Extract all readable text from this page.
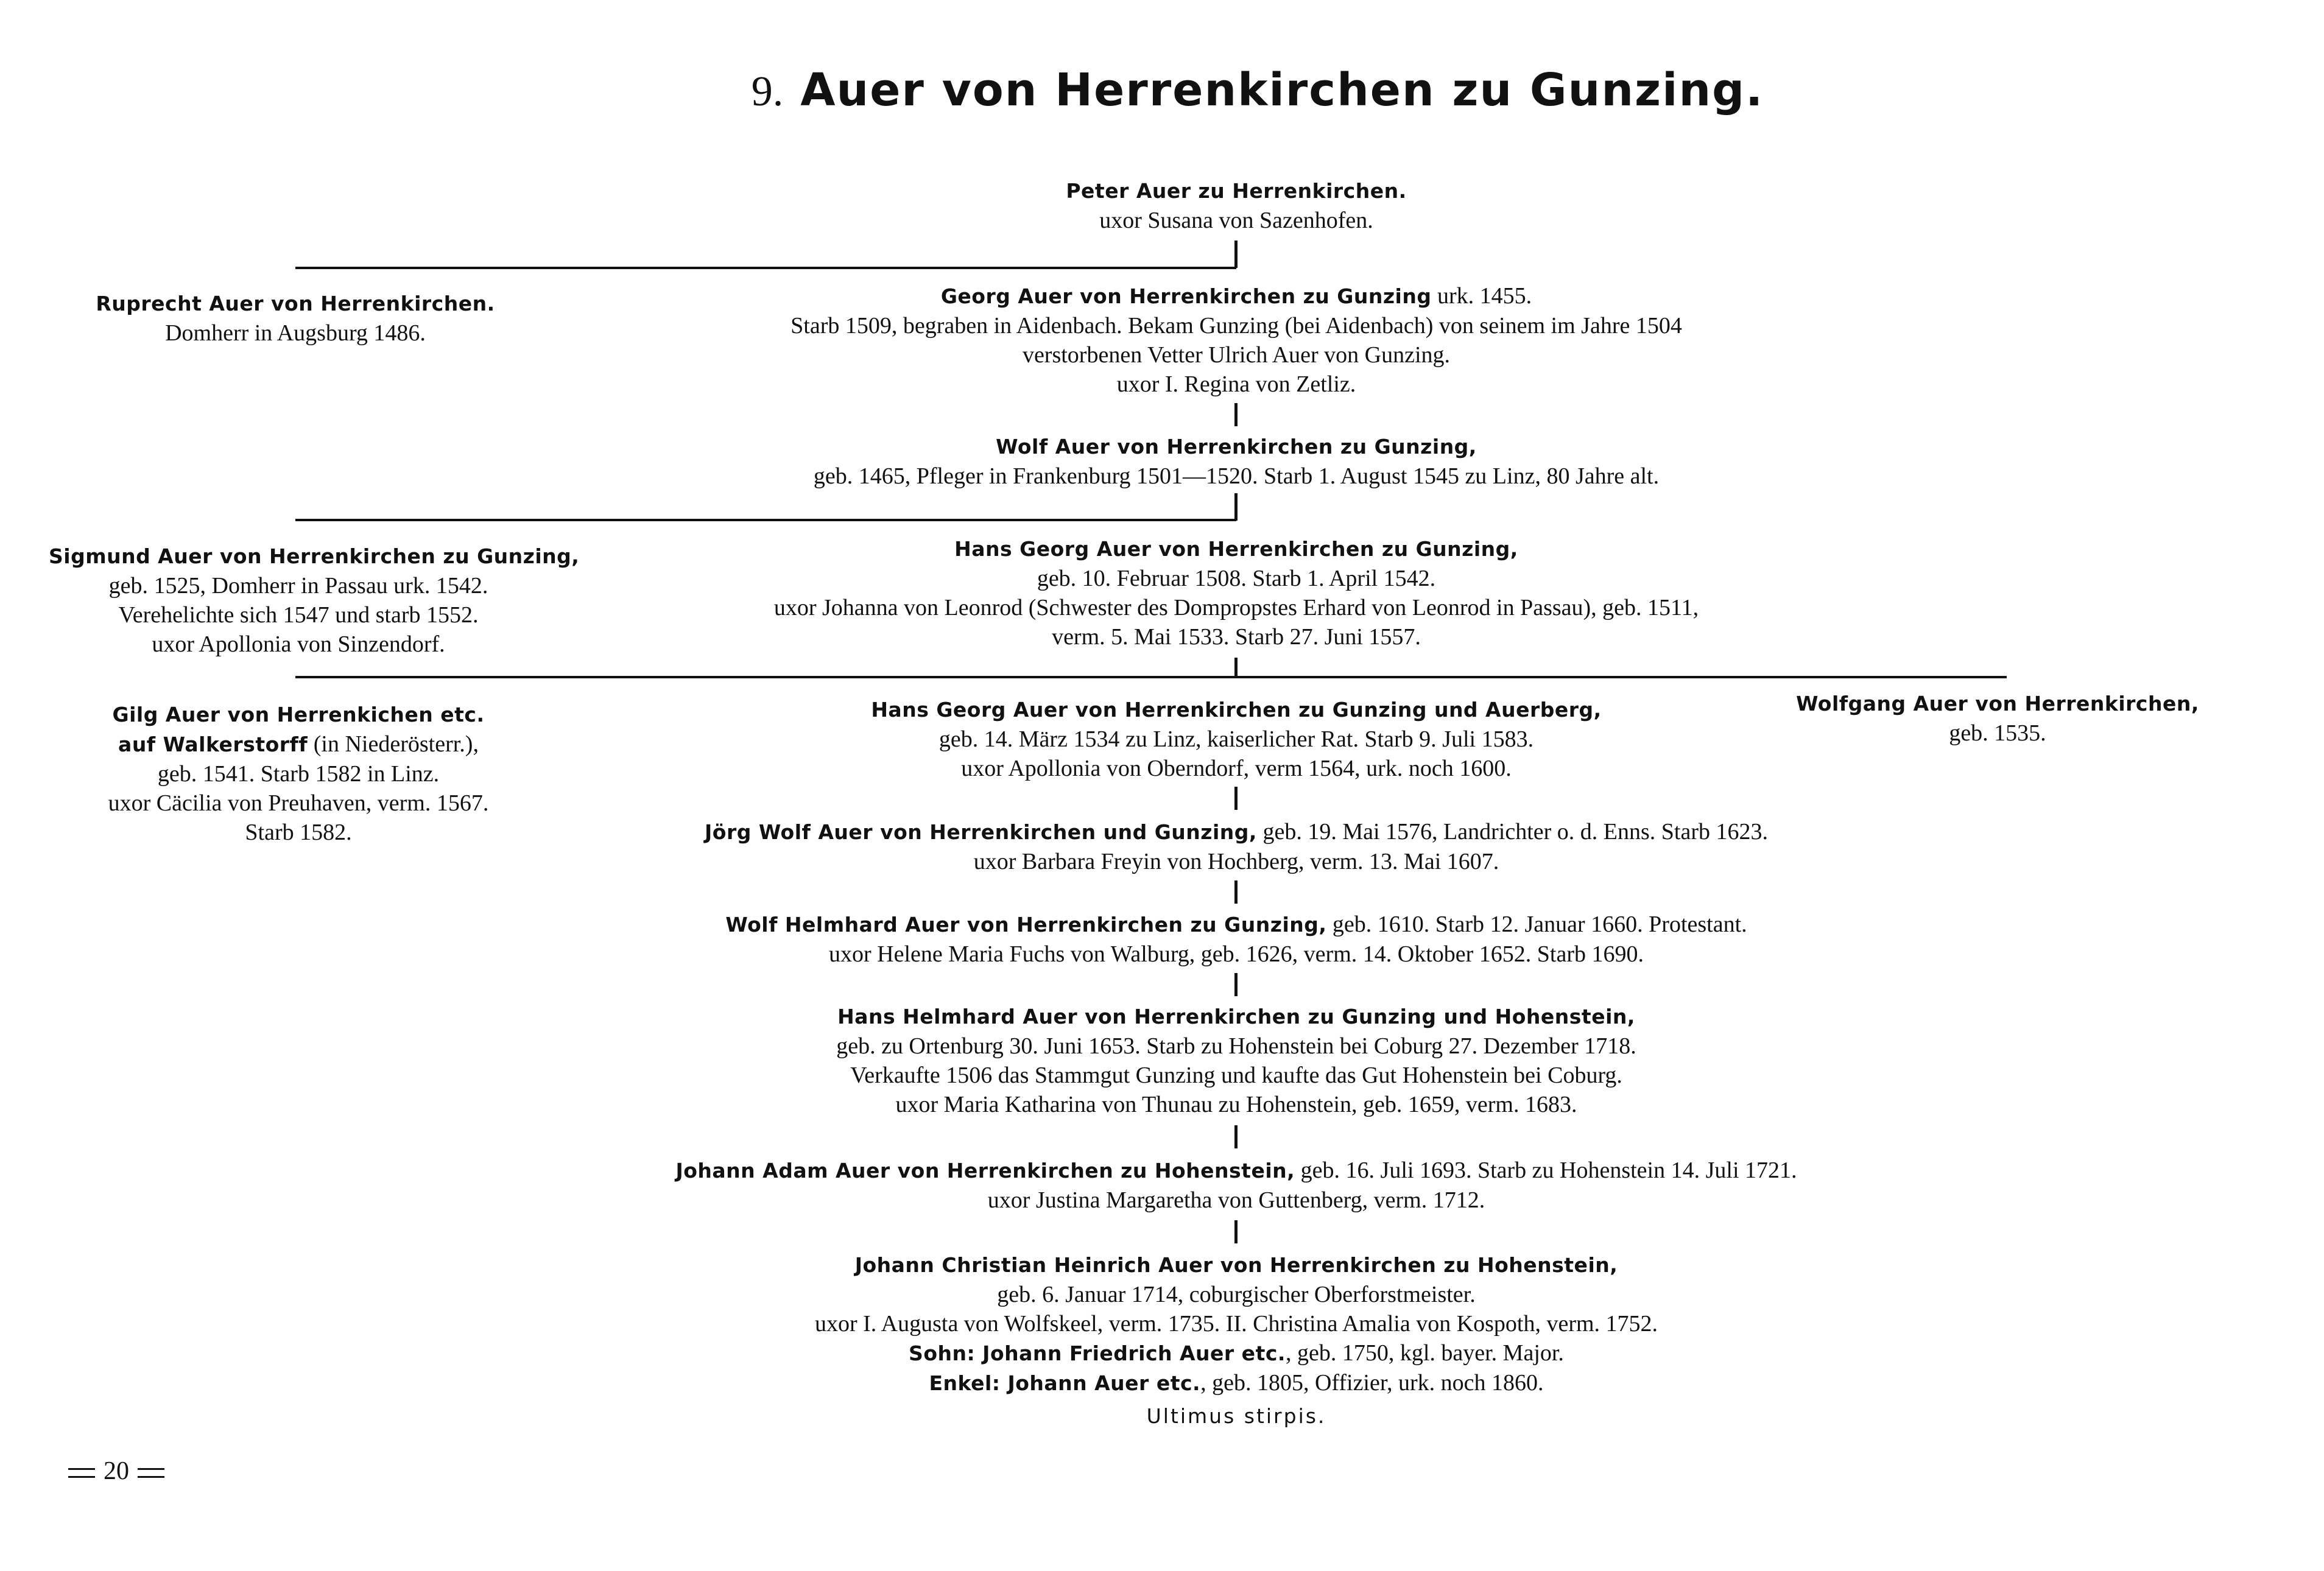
9. Auer von Herrenkirchen zu Gunzing.
Peter Auer zu Herrenkirchen.
uxor Susana von Sazenhofen.
Ruprecht Auer von Herrenkirchen.
Domherr in Augsburg 1486.
Georg Auer von Herrenkirchen zu Gunzing urk. 1455.
Starb 1509, begraben in Aidenbach. Bekam Gunzing (bei Aidenbach) von seinem im Jahre 1504
verstorbenen Vetter Ulrich Auer von Gunzing.
uxor I. Regina von Zetliz.
Wolf Auer von Herrenkirchen zu Gunzing,
geb. 1465, Pfleger in Frankenburg 1501—1520. Starb 1. August 1545 zu Linz, 80 Jahre alt.
Sigmund Auer von Herrenkirchen zu Gunzing,
geb. 1525, Domherr in Passau urk. 1542.
Verehelichte sich 1547 und starb 1552.
uxor Apollonia von Sinzendorf.
Hans Georg Auer von Herrenkirchen zu Gunzing,
geb. 10. Februar 1508. Starb 1. April 1542.
uxor Johanna von Leonrod (Schwester des Dompropstes Erhard von Leonrod in Passau), geb. 1511,
verm. 5. Mai 1533. Starb 27. Juni 1557.
Gilg Auer von Herrenkichen etc.
auf Walkerstorff (in Niederösterr.),
geb. 1541. Starb 1582 in Linz.
uxor Cäcilia von Preuhaven, verm. 1567.
Starb 1582.
Hans Georg Auer von Herrenkirchen zu Gunzing und Auerberg,
geb. 14. März 1534 zu Linz, kaiserlicher Rat. Starb 9. Juli 1583.
uxor Apollonia von Oberndorf, verm 1564, urk. noch 1600.
Wolfgang Auer von Herrenkirchen,
geb. 1535.
Jörg Wolf Auer von Herrenkirchen und Gunzing, geb. 19. Mai 1576, Landrichter o. d. Enns. Starb 1623.
uxor Barbara Freyin von Hochberg, verm. 13. Mai 1607.
Wolf Helmhard Auer von Herrenkirchen zu Gunzing, geb. 1610. Starb 12. Januar 1660. Protestant.
uxor Helene Maria Fuchs von Walburg, geb. 1626, verm. 14. Oktober 1652. Starb 1690.
Hans Helmhard Auer von Herrenkirchen zu Gunzing und Hohenstein,
geb. zu Ortenburg 30. Juni 1653. Starb zu Hohenstein bei Coburg 27. Dezember 1718.
Verkaufte 1506 das Stammgut Gunzing und kaufte das Gut Hohenstein bei Coburg.
uxor Maria Katharina von Thunau zu Hohenstein, geb. 1659, verm. 1683.
Johann Adam Auer von Herrenkirchen zu Hohenstein, geb. 16. Juli 1693. Starb zu Hohenstein 14. Juli 1721.
uxor Justina Margaretha von Guttenberg, verm. 1712.
Johann Christian Heinrich Auer von Herrenkirchen zu Hohenstein,
geb. 6. Januar 1714, coburgischer Oberforstmeister.
uxor I. Augusta von Wolfskeel, verm. 1735. II. Christina Amalia von Kospoth, verm. 1752.
Sohn: Johann Friedrich Auer etc., geb. 1750, kgl. bayer. Major.
Enkel: Johann Auer etc., geb. 1805, Offizier, urk. noch 1860.
Ultimus stirpis.
20
